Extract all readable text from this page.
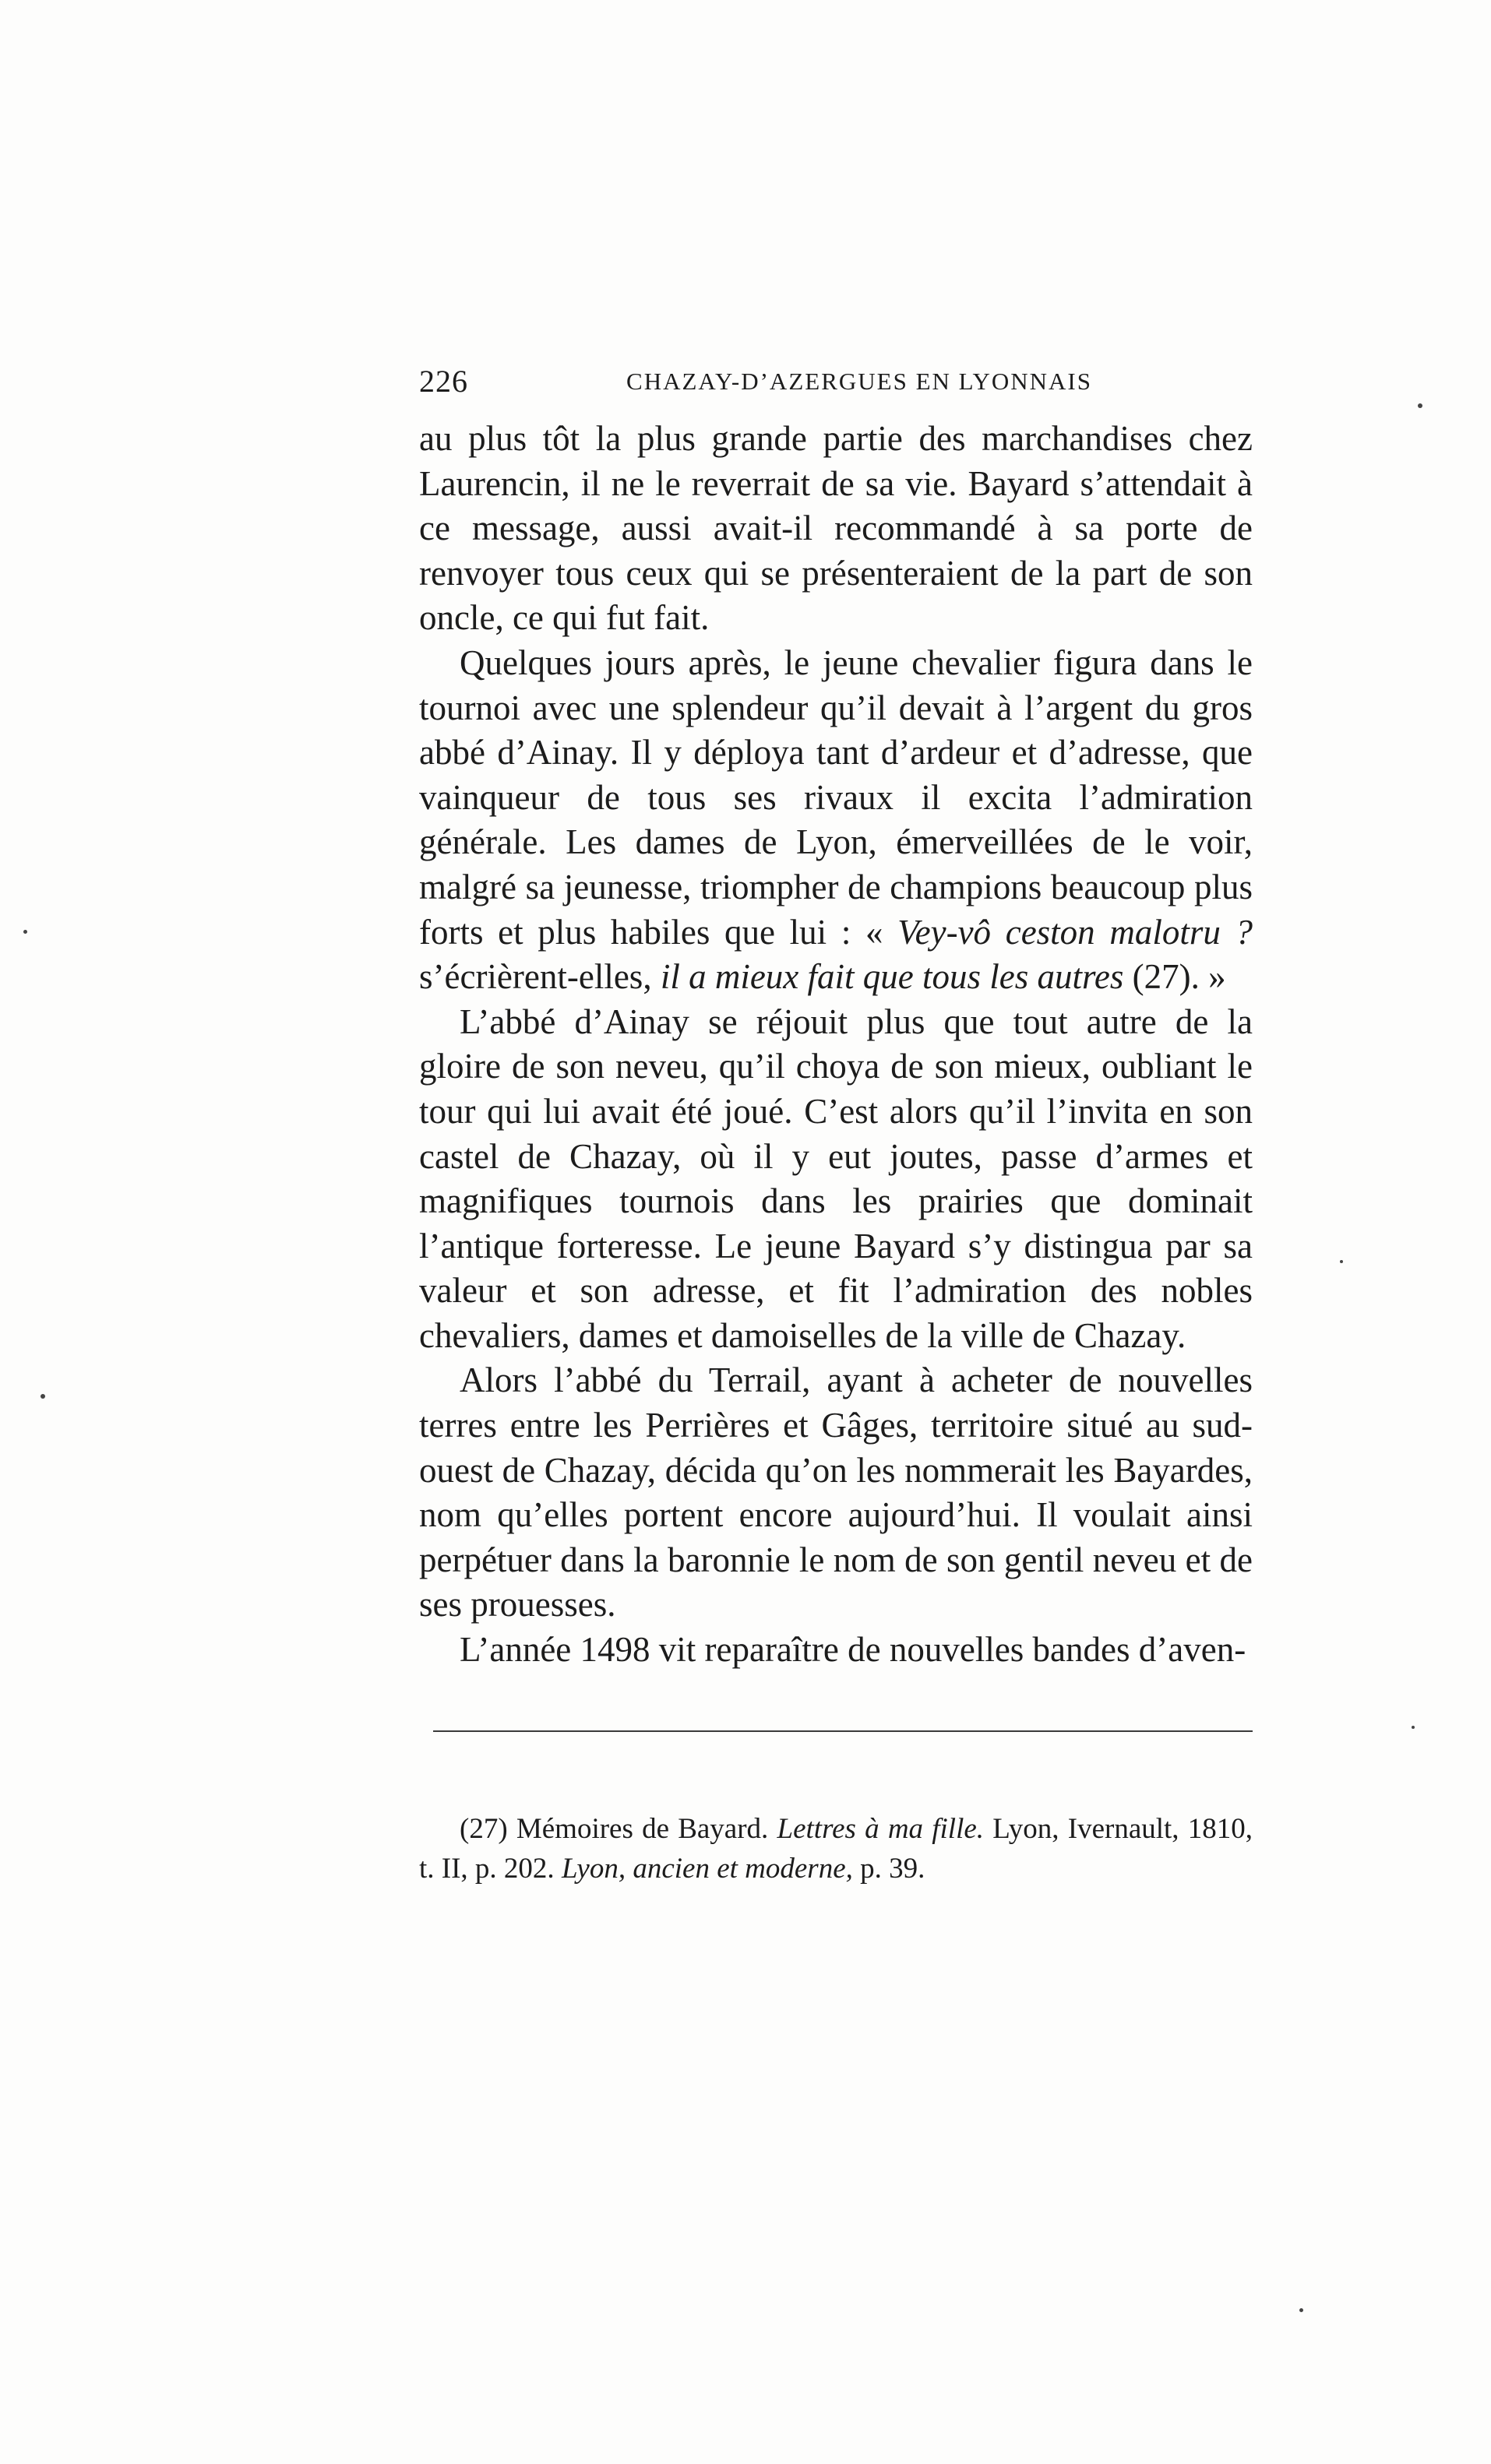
226	CHAZAY-D’AZERGUES EN LYONNAIS

au plus tôt la plus grande partie des marchandises chez Laurencin, il ne le reverrait de sa vie. Bayard s’attendait à ce message, aussi avait-il recommandé à sa porte de renvoyer tous ceux qui se présenteraient de la part de son oncle, ce qui fut fait.

Quelques jours après, le jeune chevalier figura dans le tournoi avec une splendeur qu’il devait à l’argent du gros abbé d’Ainay. Il y déploya tant d’ardeur et d’adresse, que vainqueur de tous ses rivaux il excita l’admiration générale. Les dames de Lyon, émerveillées de le voir, malgré sa jeunesse, triompher de champions beaucoup plus forts et plus habiles que lui : « Vey-vô ceston malotru ? s’écrièrent-elles, il a mieux fait que tous les autres (27). »

L’abbé d’Ainay se réjouit plus que tout autre de la gloire de son neveu, qu’il choya de son mieux, oubliant le tour qui lui avait été joué. C’est alors qu’il l’invita en son castel de Chazay, où il y eut joutes, passe d’armes et magnifiques tournois dans les prairies que dominait l’antique forteresse. Le jeune Bayard s’y distingua par sa valeur et son adresse, et fit l’admiration des nobles chevaliers, dames et damoiselles de la ville de Chazay.

Alors l’abbé du Terrail, ayant à acheter de nouvelles terres entre les Perrières et Gâges, territoire situé au sud-ouest de Chazay, décida qu’on les nommerait les Bayardes, nom qu’elles portent encore aujourd’hui. Il voulait ainsi perpétuer dans la baronnie le nom de son gentil neveu et de ses prouesses.

L’année 1498 vit reparaître de nouvelles bandes d’aven-

(27) Mémoires de Bayard. Lettres à ma fille. Lyon, Ivernault, 1810, t. II, p. 202. Lyon, ancien et moderne, p. 39.
